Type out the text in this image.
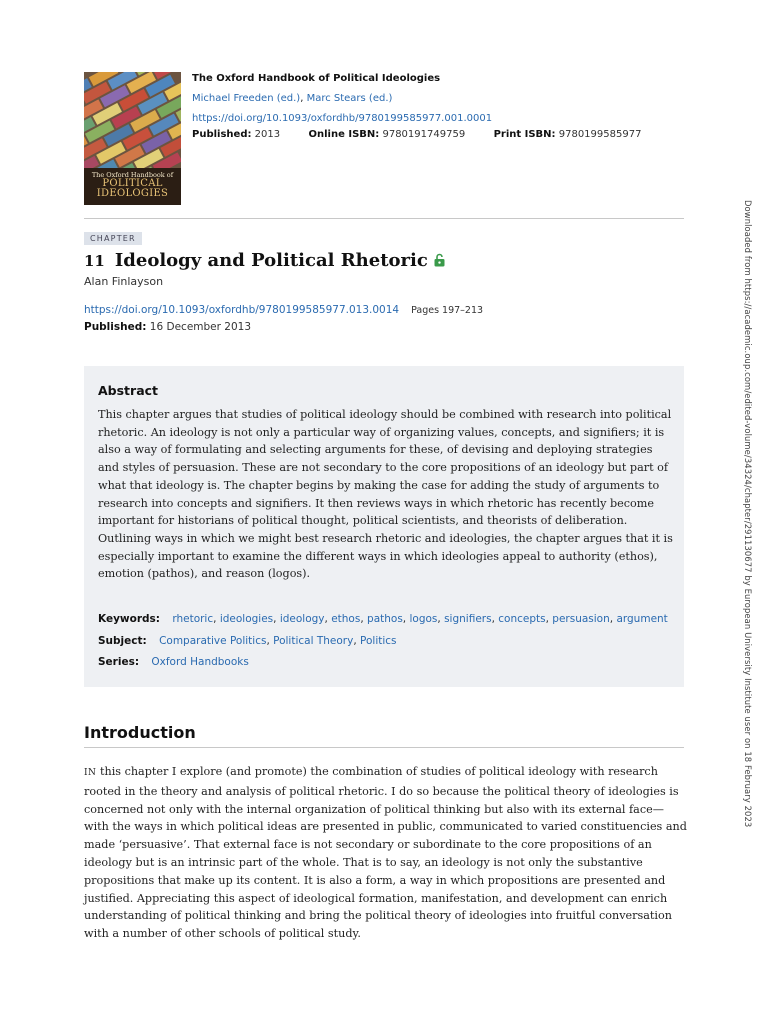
The Oxford Handbook of
POLITICAL
IDEOLOGIES
The Oxford Handbook of Political Ideologies
Michael Freeden (ed.), Marc Stears (ed.)
https://doi.org/10.1093/oxfordhb/9780199585977.001.0001
Published: 2013	Online ISBN: 9780191749759	Print ISBN: 9780199585977
CHAPTER
11 Ideology and Political Rhetoric
Alan Finlayson
https://doi.org/10.1093/oxfordhb/9780199585977.013.0014 Pages 197–213
Published: 16 December 2013
Abstract
This chapter argues that studies of political ideology should be combined with research into political rhetoric. An ideology is not only a particular way of organizing values, concepts, and signifiers; it is also a way of formulating and selecting arguments for these, of devising and deploying strategies and styles of persuasion. These are not secondary to the core propositions of an ideology but part of what that ideology is. The chapter begins by making the case for adding the study of arguments to research into concepts and signifiers. It then reviews ways in which rhetoric has recently become important for historians of political thought, political scientists, and theorists of deliberation. Outlining ways in which we might best research rhetoric and ideologies, the chapter argues that it is especially important to examine the different ways in which ideologies appeal to authority (ethos), emotion (pathos), and reason (logos).
Keywords: rhetoric, ideologies, ideology, ethos, pathos, logos, signifiers, concepts, persuasion, argument
Subject: Comparative Politics, Political Theory, Politics
Series: Oxford Handbooks
Introduction
IN this chapter I explore (and promote) the combination of studies of political ideology with research rooted in the theory and analysis of political rhetoric. I do so because the political theory of ideologies is concerned not only with the internal organization of political thinking but also with its external face—with the ways in which political ideas are presented in public, communicated to varied constituencies and made ‘persuasive’. That external face is not secondary or subordinate to the core propositions of an ideology but is an intrinsic part of the whole. That is to say, an ideology is not only the substantive propositions that make up its content. It is also a form, a way in which propositions are presented and justified. Appreciating this aspect of ideological formation, manifestation, and development can enrich understanding of political thinking and bring the political theory of ideologies into fruitful conversation with a number of other schools of political study.
Downloaded from https://academic.oup.com/edited-volume/34324/chapter/291130677 by European University Institute user on 18 February 2023
